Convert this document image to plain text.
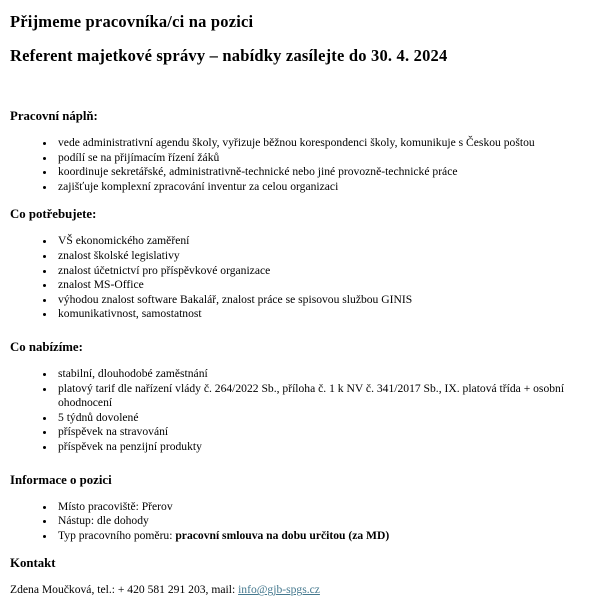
Přijmeme pracovníka/ci na pozici
Referent majetkové správy – nabídky zasílejte do 30. 4. 2024

Pracovní náplň:

• vede administrativní agendu školy, vyřizuje běžnou korespondenci školy, komunikuje s Českou poštou
• podílí se na přijímacím řízení žáků
• koordinuje sekretářské, administrativně-technické nebo jiné provozně-technické práce
• zajišťuje komplexní zpracování inventur za celou organizaci

Co potřebujete:

• VŠ ekonomického zaměření
• znalost školské legislativy
• znalost účetnictví pro příspěvkové organizace
• znalost MS-Office
• výhodou znalost software Bakalář, znalost práce se spisovou službou GINIS
• komunikativnost, samostatnost

Co nabízíme:

• stabilní, dlouhodobé zaměstnání
• platový tarif dle nařízení vlády č. 264/2022 Sb., příloha č. 1 k NV č. 341/2017 Sb., IX. platová třída + osobní ohodnocení
• 5 týdnů dovolené
• příspěvek na stravování
• příspěvek na penzijní produkty

Informace o pozici

• Místo pracoviště: Přerov
• Nástup: dle dohody
• Typ pracovního poměru: pracovní smlouva na dobu určitou (za MD)

Kontakt

Zdena Moučková, tel.: + 420 581 291 203, mail: info@gjb-spgs.cz
